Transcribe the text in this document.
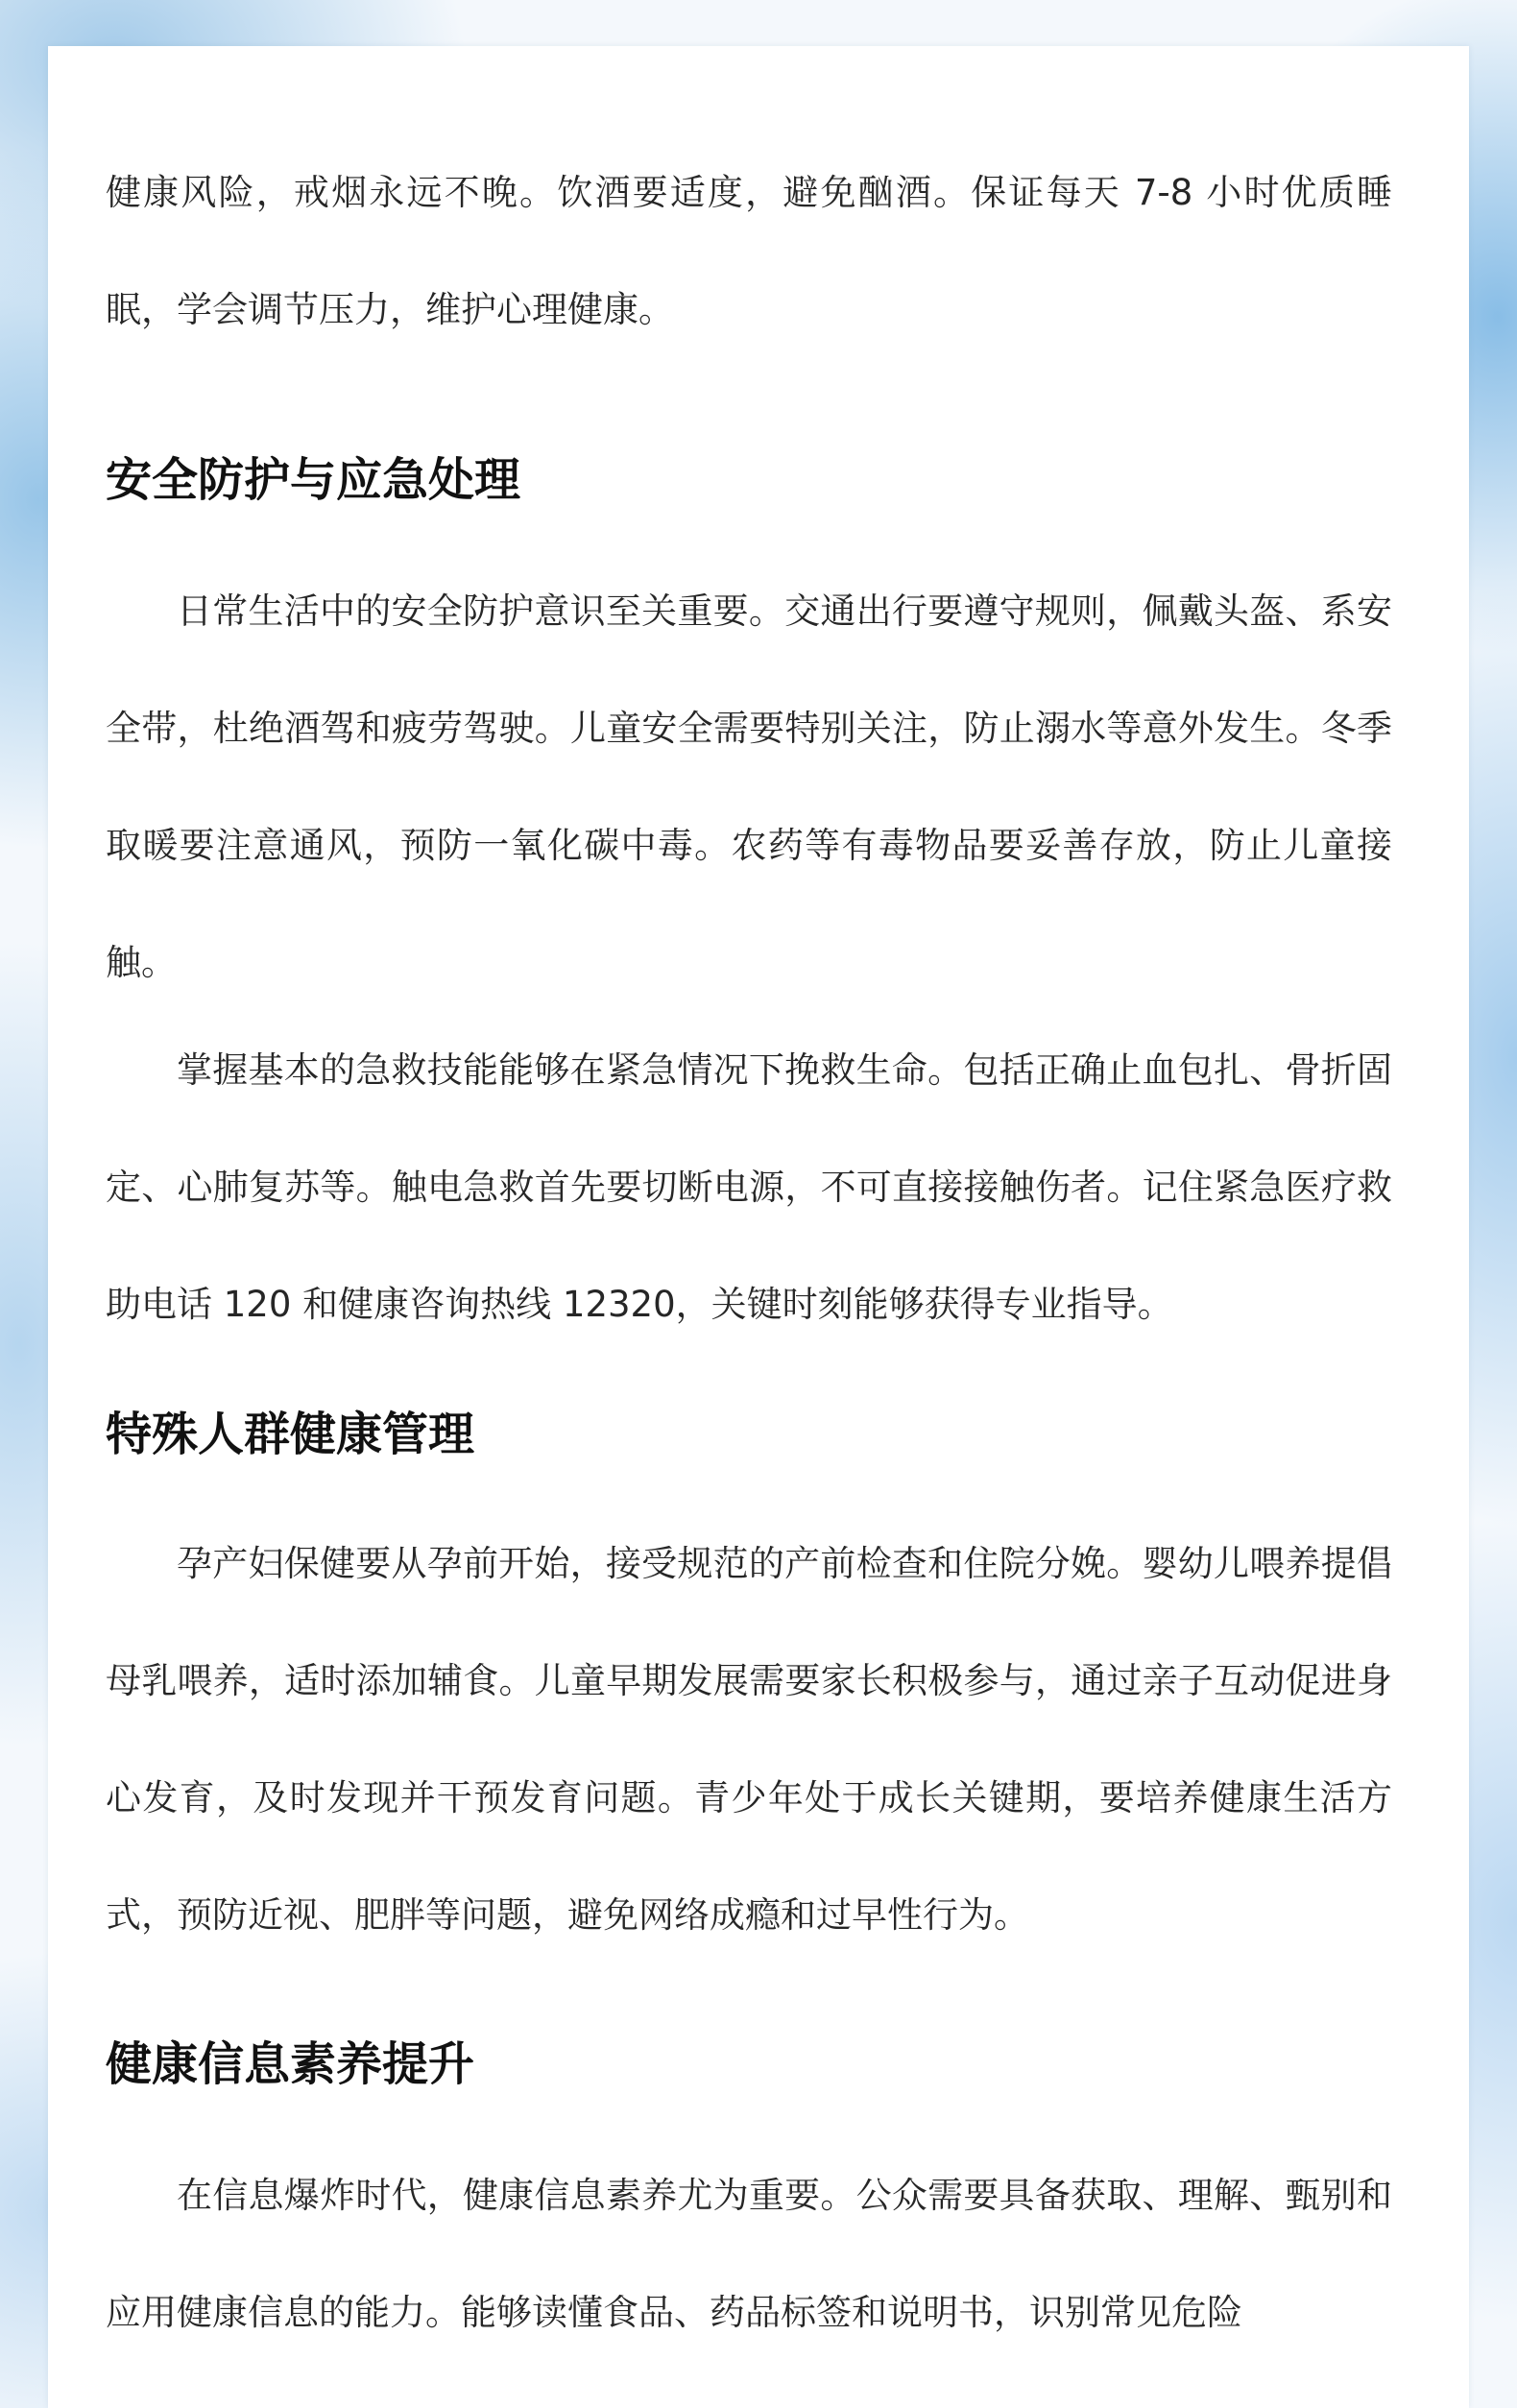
健康风险，戒烟永远不晚。饮酒要适度，避免酗酒。保证每天 7-8 小时优质睡眠，学会调节压力，维护心理健康。

安全防护与应急处理

日常生活中的安全防护意识至关重要。交通出行要遵守规则，佩戴头盔、系安全带，杜绝酒驾和疲劳驾驶。儿童安全需要特别关注，防止溺水等意外发生。冬季取暖要注意通风，预防一氧化碳中毒。农药等有毒物品要妥善存放，防止儿童接触。

掌握基本的急救技能能够在紧急情况下挽救生命。包括正确止血包扎、骨折固定、心肺复苏等。触电急救首先要切断电源，不可直接接触伤者。记住紧急医疗救助电话 120 和健康咨询热线 12320，关键时刻能够获得专业指导。

特殊人群健康管理

孕产妇保健要从孕前开始，接受规范的产前检查和住院分娩。婴幼儿喂养提倡母乳喂养，适时添加辅食。儿童早期发展需要家长积极参与，通过亲子互动促进身心发育，及时发现并干预发育问题。青少年处于成长关键期，要培养健康生活方式，预防近视、肥胖等问题，避免网络成瘾和过早性行为。

健康信息素养提升

在信息爆炸时代，健康信息素养尤为重要。公众需要具备获取、理解、甄别和应用健康信息的能力。能够读懂食品、药品标签和说明书，识别常见危险
